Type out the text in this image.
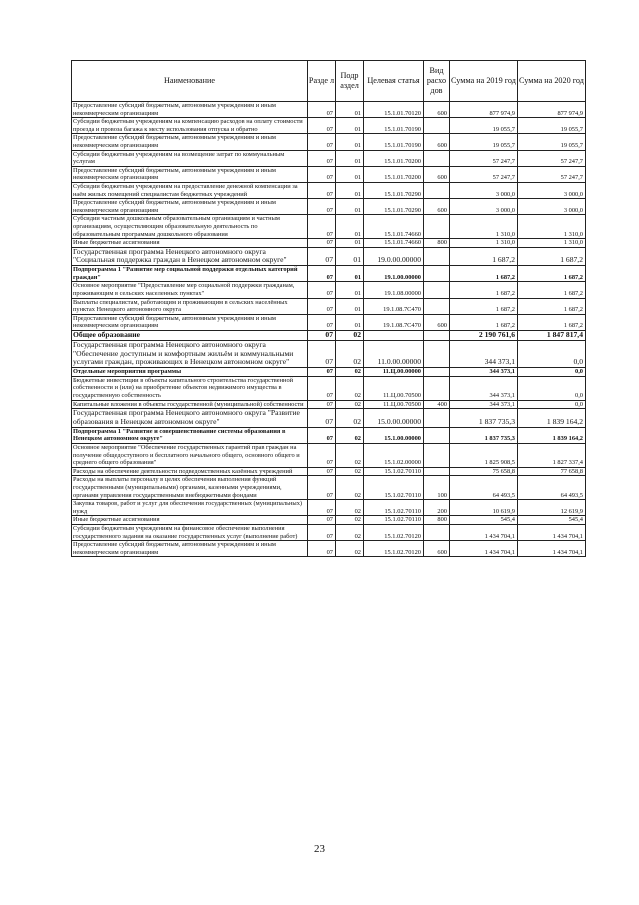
Наименование	Разде л	Подр аздел	Целевая статья	Вид расхо дов	Сумма на 2019 год	Сумма на 2020 год
Предоставление субсидий бюджетным, автономным учреждениям и иным некоммерческим организациям	07	01	15.1.01.70120	600	877 974,9	877 974,9
Субсидии бюджетным учреждениям на компенсацию расходов на оплату стоимости проезда и провоза багажа к месту использования отпуска и обратно	07	01	15.1.01.70190		19 055,7	19 055,7
Предоставление субсидий бюджетным, автономным учреждениям и иным некоммерческим организациям	07	01	15.1.01.70190	600	19 055,7	19 055,7
Субсидии бюджетным учреждениям на возмещение затрат по коммунальным услугам	07	01	15.1.01.70200		57 247,7	57 247,7
Предоставление субсидий бюджетным, автономным учреждениям и иным некоммерческим организациям	07	01	15.1.01.70200	600	57 247,7	57 247,7
Субсидии бюджетным учреждениям на предоставление денежной компенсации за наём жилых помещений специалистам бюджетных учреждений	07	01	15.1.01.70290		3 000,0	3 000,0
Предоставление субсидий бюджетным, автономным учреждениям и иным некоммерческим организациям	07	01	15.1.01.70290	600	3 000,0	3 000,0
Субсидии частным дошкольным образовательным организациям и частным организациям, осуществляющим образовательную деятельность по образовательным программам дошкольного образования	07	01	15.1.01.74660		1 310,0	1 310,0
Иные бюджетные ассигнования	07	01	15.1.01.74660	800	1 310,0	1 310,0
Государственная программа Ненецкого автономного округа "Социальная поддержка граждан в Ненецком автономном округе"	07	01	19.0.00.00000		1 687,2	1 687,2
Подпрограмма 1 "Развитие мер социальной поддержки отдельных категорий граждан"	07	01	19.1.00.00000		1 687,2	1 687,2
Основное мероприятие "Предоставление мер социальной поддержки гражданам, проживающим в сельских населенных пунктах"	07	01	19.1.08.00000		1 687,2	1 687,2
Выплаты специалистам, работающим и проживающим в сельских населённых пунктах Ненецкого автономного округа	07	01	19.1.08.7С470		1 687,2	1 687,2
Предоставление субсидий бюджетным, автономным учреждениям и иным некоммерческим организациям	07	01	19.1.08.7С470	600	1 687,2	1 687,2
Общее образование	07	02			2 190 761,6	1 847 817,4
Государственная программа Ненецкого автономного округа "Обеспечение доступным и комфортным жильём и коммунальными услугами граждан, проживающих в Ненецком автономном округе"	07	02	11.0.00.00000		344 373,1	0,0
Отдельные мероприятия программы	07	02	11.Ц.00.00000		344 373,1	0,0
Бюджетные инвестиции в объекты капитального строительства государственной собственности и (или) на приобретение объектов недвижимого имущества в государственную собственность	07	02	11.Ц.00.70500		344 373,1	0,0
Капитальные вложения в объекты государственной (муниципальной) собственности	07	02	11.Ц.00.70500	400	344 373,1	0,0
Государственная программа Ненецкого автономного округа "Развитие образования в Ненецком автономном округе"	07	02	15.0.00.00000		1 837 735,3	1 839 164,2
Подпрограмма 1 "Развитие и совершенствование системы образования в Ненецком автономном округе"	07	02	15.1.00.00000		1 837 735,3	1 839 164,2
Основное мероприятие "Обеспечение государственных гарантий прав граждан на получение общедоступного и бесплатного начального общего, основного общего и среднего общего образования"	07	02	15.1.02.00000		1 825 908,5	1 827 337,4
Расходы на обеспечение деятельности подведомственных казённых учреждений	07	02	15.1.02.70110		75 658,8	77 658,8
Расходы на выплаты персоналу в целях обеспечения выполнения функций государственными (муниципальными) органами, казенными учреждениями, органами управления государственными внебюджетными фондами	07	02	15.1.02.70110	100	64 493,5	64 493,5
Закупка товаров, работ и услуг для обеспечения государственных (муниципальных) нужд	07	02	15.1.02.70110	200	10 619,9	12 619,9
Иные бюджетные ассигнования	07	02	15.1.02.70110	800	545,4	545,4
Субсидии бюджетным учреждениям на финансовое обеспечение выполнения государственного задания на оказание государственных услуг (выполнение работ)	07	02	15.1.02.70120		1 434 704,1	1 434 704,1
Предоставление субсидий бюджетным, автономным учреждениям и иным некоммерческим организациям	07	02	15.1.02.70120	600	1 434 704,1	1 434 704,1
23
